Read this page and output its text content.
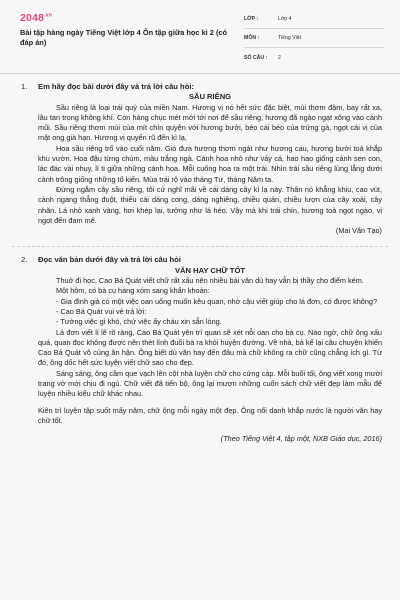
$2048^{.vn}$
Bài tập hàng ngày Tiếng Việt lớp 4 Ôn tập giữa học kì 2 (có đáp án)
LỚP :	Lớp 4
MÔN :	Tiếng Việt
SỐ CÂU :	2
1. Em hãy đọc bài dưới đây và trả lời câu hỏi:
SẦU RIÊNG
Sầu riêng là loại trái quý của miền Nam. Hương vị nó hết sức đặc biệt, mùi thơm đậm, bay rất xa, lâu tan trong không khí. Còn hàng chục mét mới tới nơi để sầu riêng, hương đã ngào ngạt xông vào cánh mũi. Sầu riêng thơm mùi của mít chín quyện với hương bưởi, béo cái béo của trứng gà, ngọt cái vị của mật ong già hạn. Hương vị quyến rũ đến kì lạ,
Hoa sầu riêng trổ vào cuối năm. Gió đưa hương thơm ngát như hương cau, hương bưởi toả khắp khu vườn. Hoa đậu từng chùm, màu trắng ngà. Cánh hoa nhỏ như vảy cá, hao hao giống cánh sen con, lác đác vài nhụy, lí ti giữa những cánh hoa. Mỗi cuống hoa ra một trái. Nhìn trái sầu riêng lủng lẳng dưới cành trông giống những tổ kiến. Mùa trái rộ vào tháng Tư, tháng Năm ta.
Đứng ngắm cây sầu riêng, tôi cứ nghĩ mãi về cái dáng cây kì lạ này. Thân nó khẳng khiu, cao vút, cành ngang thẳng đuột, thiếu cái dáng cong, dáng nghiêng, chiều quản, chiều lượn của cây xoài, cây nhãn. Lá nhỏ xanh vàng, hơi khép lại, tưởng như lá héo. Vậy mà khi trái chín, hương toả ngọt ngào, vị ngọt đến đam mê.
(Mai Văn Tạo)
2. Đọc văn bản dưới đây và trả lời câu hỏi
VĂN HAY CHỮ TỐT
Thuở đi học, Cao Bá Quát viết chữ rất xấu nên nhiều bài văn dù hay vẫn bị thầy cho điểm kém.
Một hôm, có bà cụ hàng xóm sang khẩn khoản:
- Gia đình già có một việc oan uổng muốn kêu quan, nhờ cậu viết giúp cho lá đơn, có được không?
- Cao Bá Quát vui vẻ trả lời:
- Tưởng việc gì khó, chứ việc ấy cháu xin sẵn lòng.
Lá đơn viết lí lẽ rõ ràng, Cao Bá Quát yên trí quan sẽ xét nỗi oan cho bà cụ. Nào ngờ, chữ ông xấu quá, quan đọc không được nên thét lính đuổi bà ra khỏi huyện đường. Về nhà, bà kể lại câu chuyện khiến Cao Bá Quát vô cùng ân hận. Ông biết dù văn hay đến đâu mà chữ không ra chữ cũng chẳng ích gì. Từ đó, ông dốc hết sức luyện viết chữ sao cho đẹp.
Sáng sáng, ông cầm que vạch lên cột nhà luyện chữ cho cứng cáp. Mỗi buổi tối, ông viết xong mười trang vở mới chịu đi ngủ. Chữ viết đã tiến bộ, ông lại mượn những cuốn sách chữ viết đẹp làm mẫu để luyện nhiều kiểu chữ khác nhau.
Kiên trì luyện tập suốt mấy năm, chữ ông mỗi ngày một đẹp. Ông nổi danh khắp nước là người văn hay chữ tốt.
(Theo Tiếng Việt 4, tập một, NXB Giáo dục, 2016)
